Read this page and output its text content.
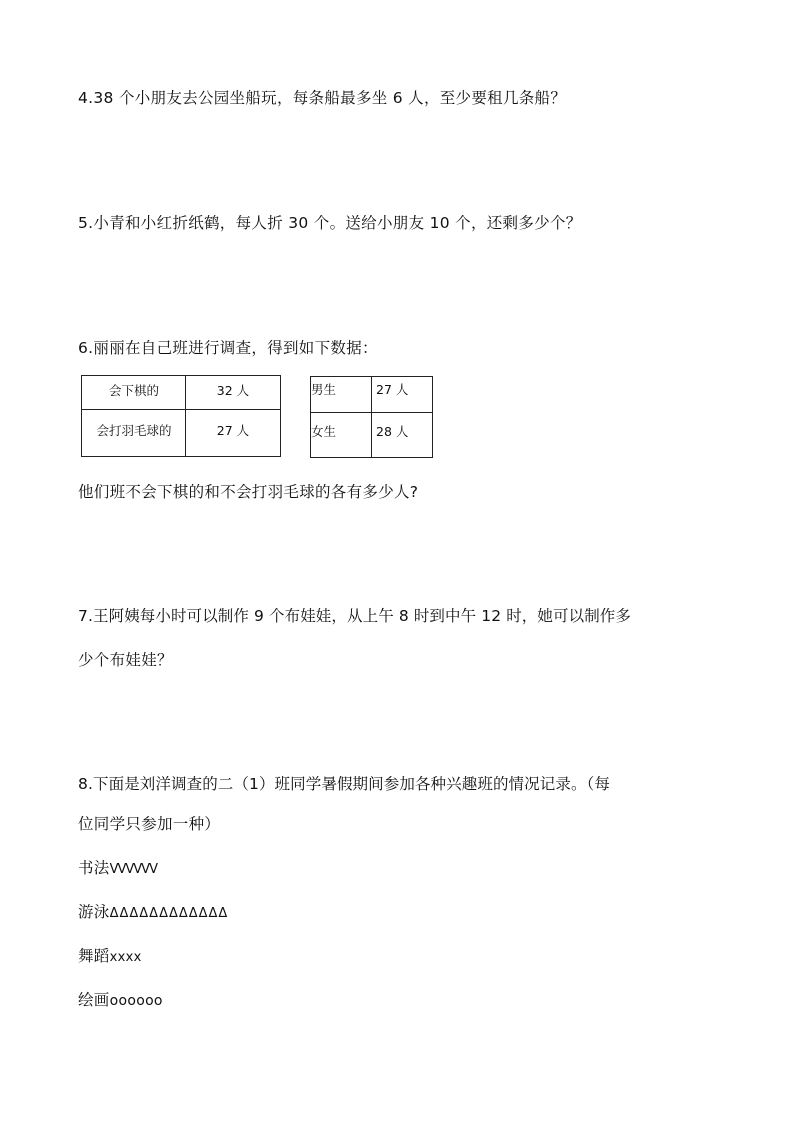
4.38 个小朋友去公园坐船玩，每条船最多坐 6 人，至少要租几条船？

5.小青和小红折纸鹤，每人折 30 个。送给小朋友 10 个，还剩多少个？

6.丽丽在自己班进行调查，得到如下数据：

会下棋的	32 人
会打羽毛球的	27 人
男生	27 人
女生	28 人

他们班不会下棋的和不会打羽毛球的各有多少人?

7.王阿姨每小时可以制作 9 个布娃娃，从上午 8 时到中午 12 时，她可以制作多

少个布娃娃？

8.下面是刘洋调查的二（1）班同学暑假期间参加各种兴趣班的情况记录。（每

位同学只参加一种）

书法VVVVVV

游泳ΔΔΔΔΔΔΔΔΔΔΔΔ

舞蹈xxxx

绘画oooooo
